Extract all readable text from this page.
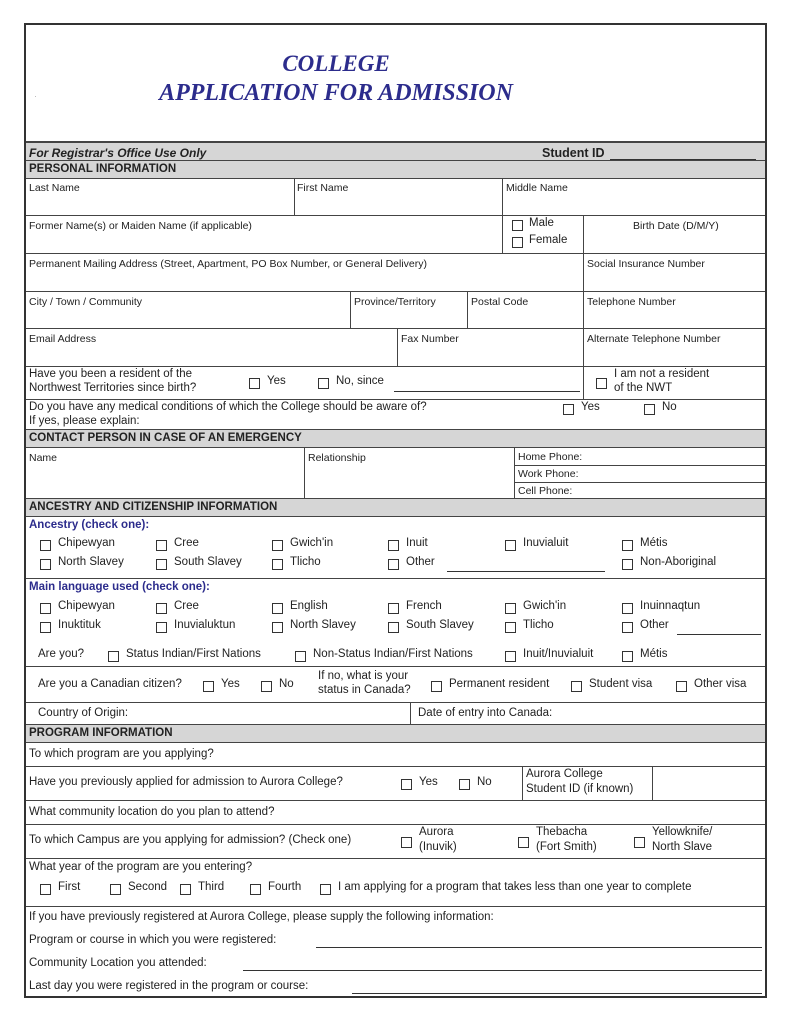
COLLEGE
APPLICATION FOR ADMISSION
.
For Registrar's Office Use Only	Student ID
PERSONAL INFORMATION
Last Name	First Name	Middle Name
Former Name(s) or Maiden Name (if applicable)	Male
Female
Birth Date (D/M/Y)
Permanent Mailing Address (Street, Apartment, PO Box Number, or General Delivery)	Social Insurance Number
City / Town / Community	Province/Territory	Postal Code	Telephone Number
Email Address	Fax Number	Alternate Telephone Number
Have you been a resident of the
Northwest Territories since birth?
Yes	No, since
I am not a resident
of the NWT
Do you have any medical conditions of which the College should be aware of?
If yes, please explain:
Yes	No
CONTACT PERSON IN CASE OF AN EMERGENCY
Name	Relationship	Home Phone:
Work Phone:
Cell Phone:
ANCESTRY AND CITIZENSHIP INFORMATION
Ancestry (check one):
Chipewyan	Cree	Gwich'in	Inuit	Inuvialuit	Métis
North Slavey	South Slavey	Tlicho	Other	Non-Aboriginal
Main language used (check one):
Chipewyan	Cree	English	French	Gwich'in	Inuinnaqtun
Inuktituk	Inuvialuktun	North Slavey	South Slavey	Tlicho	Other
Are you?	Status Indian/First Nations	Non-Status Indian/First Nations	Inuit/Inuvialuit	Métis
Are you a Canadian citizen?	Yes	No
If no, what is your
status in Canada?	Permanent resident	Student visa	Other visa
Country of Origin:	Date of entry into Canada:
PROGRAM INFORMATION
To which program are you applying?
Have you previously applied for admission to Aurora College?	Yes	No
Aurora College
Student ID (if known)
What community location do you plan to attend?
To which Campus are you applying for admission? (Check one)
Aurora
(Inuvik)
Thebacha
(Fort Smith)
Yellowknife/
North Slave
What year of the program are you entering?
First	Second	Third	Fourth	I am applying for a program that takes less than one year to complete
If you have previously registered at Aurora College, please supply the following information:
Program or course in which you were registered:
Community Location you attended:
Last day you were registered in the program or course:
